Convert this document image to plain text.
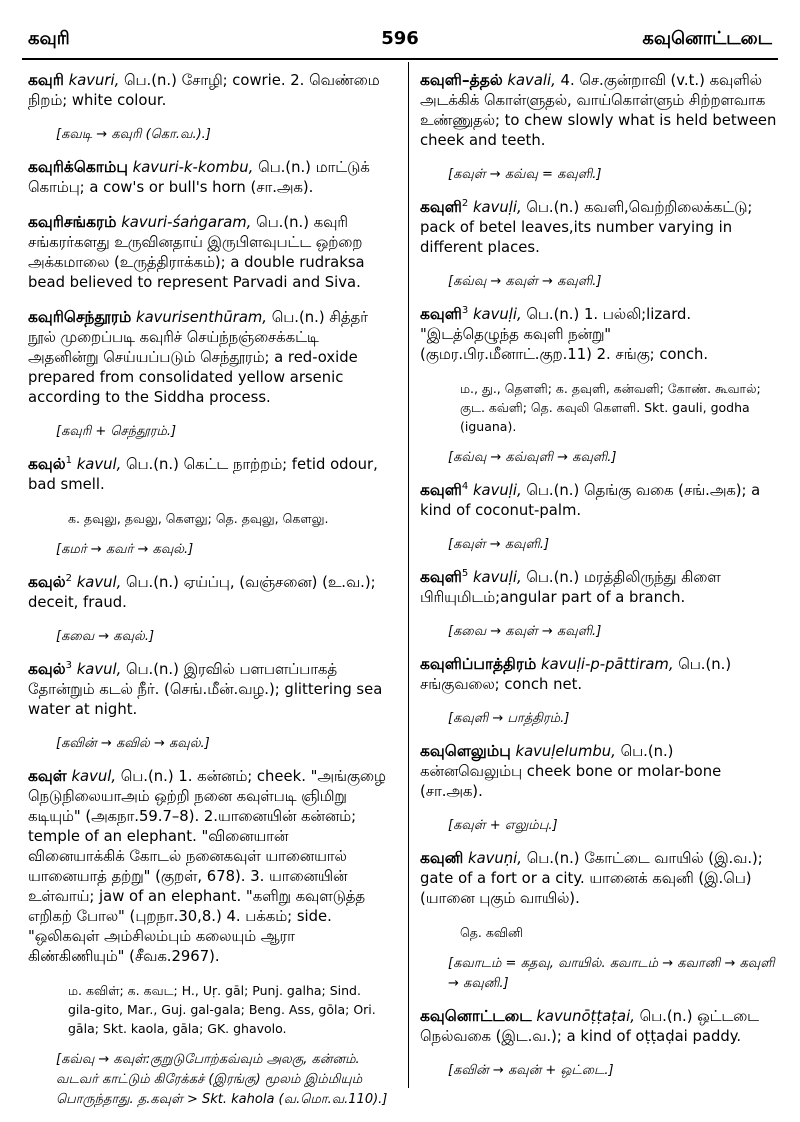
கவுரி	596	கவுனொட்டடை
கவுரி kavuri, பெ.(n.) சோழி; cowrie. 2. வெண்மை நிறம்; white colour.
[கவடி → கவுரி (கொ.வ.).]
கவுரிக்கொம்பு kavuri-k-kombu, பெ.(n.) மாட்டுக் கொம்பு; a cow's or bull's horn (சா.அக).
கவுரிசங்கரம் kavuri-śaṅgaram, பெ.(n.) கவுரி சங்கரர்களது உருவினதாய் இருபிளவுபட்ட ஒற்றை அக்கமாலை (உருத்திராக்கம்); a double rudraksa bead believed to represent Parvadi and Siva.
கவுரிசெந்தூரம் kavurisenthūram, பெ.(n.) சித்தர் நூல் முறைப்படி கவுரிச் செய்ந்நஞ்சைக்கட்டி அதனின்று செய்யப்படும் செந்தூரம்; a red-oxide prepared from consolidated yellow arsenic according to the Siddha process.
[கவுரி + செந்தூரம்.]
கவுல்$^1$ kavul, பெ.(n.) கெட்ட நாற்றம்; fetid odour, bad smell.
க. தவுலு, தவலு, கௌலு; தெ. தவுலு, கௌலு.
[கமர் → கவர் → கவுல்.]
கவுல்$^2$ kavul, பெ.(n.) ஏய்ப்பு, (வஞ்சனை) (உ.வ.); deceit, fraud.
[கவை → கவுல்.]
கவுல்$^3$ kavul, பெ.(n.) இரவில் பளபளப்பாகத் தோன்றும் கடல் நீர். (செங்.மீன்.வழ.); glittering sea water at night.
[கவின் → கவில் → கவுல்.]
கவுள் kavul, பெ.(n.) 1. கன்னம்; cheek. "அங்குழை நெடுநிலையாஅம் ஒற்றி நனை கவுள்படி ஞிமிறு கடியும்" (அகநா.59.7–8). 2.யானையின் கன்னம்; temple of an elephant. "வினையான் வினையாக்கிக் கோடல் நனைகவுள் யானையால் யானையாத் தற்று" (குறள், 678). 3. யானையின் உள்வாய்; jaw of an elephant. "களிறு கவுளடுத்த எறிகற் போல" (புறநா.30,8.) 4. பக்கம்; side. "ஒலிகவுள் அம்சிலம்பும் கலையும் ஆரா கிண்கிணியும்" (சீவக.2967).
ம. கவிள்; க. கவட; H., Uṛ. gāl; Punj. galha; Sind. gila-gito, Mar., Guj. gal-gala; Beng. Ass, gōla; Ori. gāla; Skt. kaola, gāla; GK. ghavolo.
[கவ்வு → கவுள்:குறுடுபோற்கவ்வும் அலகு, கன்னம். வடவர் காட்டும் கிரேக்கச் (இரங்கு) மூலம் இம்மியும் பொருந்தாது. த.கவுள் > Skt. kahola (வ.மொ.வ.110).]
கவுளி–த்தல் kavali, 4. செ.குன்றாவி (v.t.) கவுளில் அடக்கிக் கொள்ளுதல், வாய்கொள்ளும் சிற்றளவாக உண்ணுதல்; to chew slowly what is held between cheek and teeth.
[கவுள் → கவ்வு = கவுளி.]
கவுளி$^2$ kavuḷi, பெ.(n.) கவளி,வெற்றிலைக்கட்டு; pack of betel leaves,its number varying in different places.
[கவ்வு → கவுள் → கவுளி.]
கவுளி$^3$ kavuḷi, பெ.(n.) 1. பல்லி;lizard. "இடத்தெழுந்த கவுளி நன்று" (குமர.பிர.மீனாட்.குற.11) 2. சங்கு; conch.
ம., து., தௌளி; க. தவுளி, கன்வளி; கோண். கூவால்; குட. கவ்ளி; தெ. கவுலி கௌளி. Skt. gauli, godha (iguana).
[கவ்வு → கவ்வுளி → கவுளி.]
கவுளி$^4$ kavuḷi, பெ.(n.) தெங்கு வகை (சங்.அக); a kind of coconut-palm.
[கவுள் → கவுளி.]
கவுளி$^5$ kavuḷi, பெ.(n.) மரத்திலிருந்து கிளை பிரியுமிடம்;angular part of a branch.
[கவை → கவுள் → கவுளி.]
கவுளிப்பாத்திரம் kavuḷi-p-pāttiram, பெ.(n.) சங்குவலை; conch net.
[கவுளி → பாத்திரம்.]
கவுளெலும்பு kavuḷelumbu, பெ.(n.) கன்னவெலும்பு cheek bone or molar-bone (சா.அக).
[கவுள் + எலும்பு.]
கவுனி kavuṇi, பெ.(n.) கோட்டை வாயில் (இ.வ.); gate of a fort or a city. யானைக் கவுனி (இ.பெ) (யானை புகும் வாயில்).
தெ. கவினி
[கவாடம் = கதவு, வாயில். கவாடம் → கவானி → கவுளி → கவுனி.]
கவுனொட்டடை kavunōṭṭaṭai, பெ.(n.) ஒட்டடை நெல்வகை (இட.வ.); a kind of oṭṭaḍai paddy.
[கவின் → கவுன் + ஒட்டை.]
